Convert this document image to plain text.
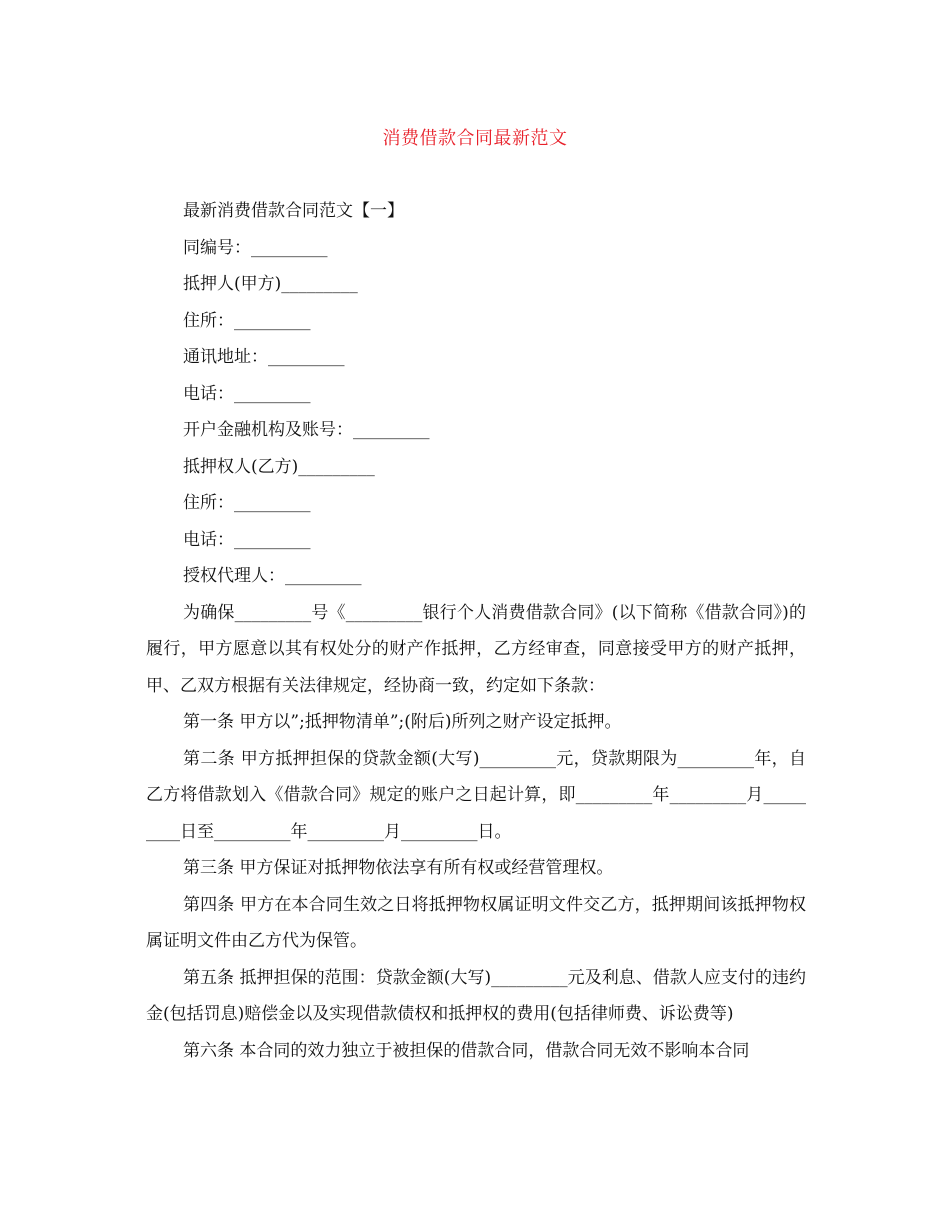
消费借款合同最新范文

最新消费借款合同范文【一】

同编号：_________

抵押人(甲方)_________

住所：_________

通讯地址：_________

电话：_________

开户金融机构及账号：_________

抵押权人(乙方)_________

住所：_________

电话：_________

授权代理人：_________

为确保_________号《_________银行个人消费借款合同》(以下简称《借款合同》)的履行，甲方愿意以其有权处分的财产作抵押，乙方经审查，同意接受甲方的财产抵押，甲、乙双方根据有关法律规定，经协商一致，约定如下条款：

第一条 甲方以”;抵押物清单”;(附后)所列之财产设定抵押。

第二条 甲方抵押担保的贷款金额(大写)_________元，贷款期限为_________年，自乙方将借款划入《借款合同》规定的账户之日起计算，即_________年_________月_________日至_________年_________月_________日。

第三条 甲方保证对抵押物依法享有所有权或经营管理权。

第四条 甲方在本合同生效之日将抵押物权属证明文件交乙方，抵押期间该抵押物权属证明文件由乙方代为保管。

第五条 抵押担保的范围：贷款金额(大写)_________元及利息、借款人应支付的违约金(包括罚息)赔偿金以及实现借款债权和抵押权的费用(包括律师费、诉讼费等)

第六条 本合同的效力独立于被担保的借款合同，借款合同无效不影响本合同
